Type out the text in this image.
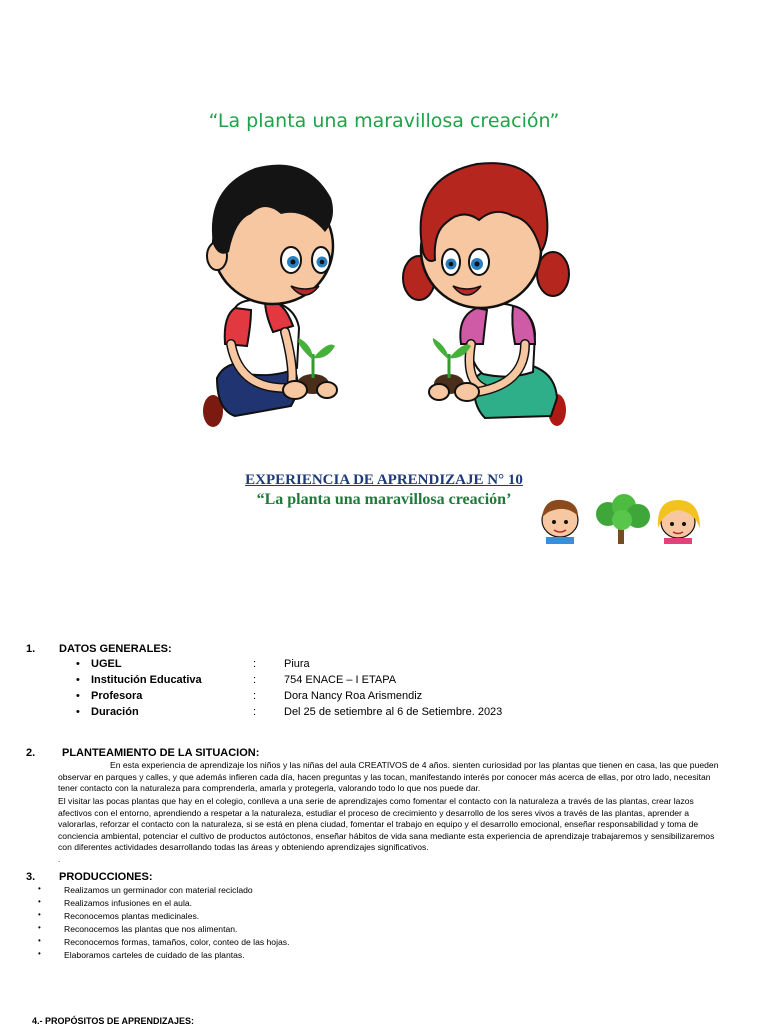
“La planta una maravillosa creación”
EXPERIENCIA DE APRENDIZAJE N° 10
“La planta una maravillosa creación’
1. DATOS GENERALES:
• UGEL	:	Piura
• Institución Educativa	:	754 ENACE – I ETAPA
• Profesora	:	Dora Nancy Roa Arismendiz
• Duración	:	Del 25 de setiembre al 6 de Setiembre. 2023
2. PLANTEAMIENTO DE LA SITUACION:
En esta experiencia de aprendizaje los niños y las niñas del aula CREATIVOS de 4 años. sienten curiosidad por las plantas que tienen en casa, las que pueden observar en parques y calles, y que además infieren cada día, hacen preguntas y las tocan, manifestando interés por conocer más acerca de ellas, por otro lado, necesitan tener contacto con la naturaleza para comprenderla, amarla y protegerla, valorando todo lo que nos puede dar.
El visitar las pocas plantas que hay en el colegio, conlleva a una serie de aprendizajes como fomentar el contacto con la naturaleza a través de las plantas, crear lazos afectivos con el entorno, aprendiendo a respetar a la naturaleza, estudiar el proceso de crecimiento y desarrollo de los seres vivos a través de las plantas, aprender a valorarlas, reforzar el contacto con la naturaleza, si se está en plena ciudad, fomentar el trabajo en equipo y el desarrollo emocional, enseñar responsabilidad y toma de conciencia ambiental, potenciar el cultivo de productos autóctonos, enseñar hábitos de vida sana mediante esta experiencia de aprendizaje trabajaremos y sensibilizaremos con diferentes actividades desarrollando todas las áreas y obteniendo aprendizajes significativos.
.
3. PRODUCCIONES:
•	Realizamos un germinador con material reciclado
•	Realizamos infusiones en el aula.
•	Reconocemos plantas medicinales.
•	Reconocemos las plantas que nos alimentan.
•	Reconocemos formas, tamaños, color, conteo de las hojas.
•	Elaboramos carteles de cuidado de las plantas.
4.- PROPÓSITOS DE APRENDIZAJES:
